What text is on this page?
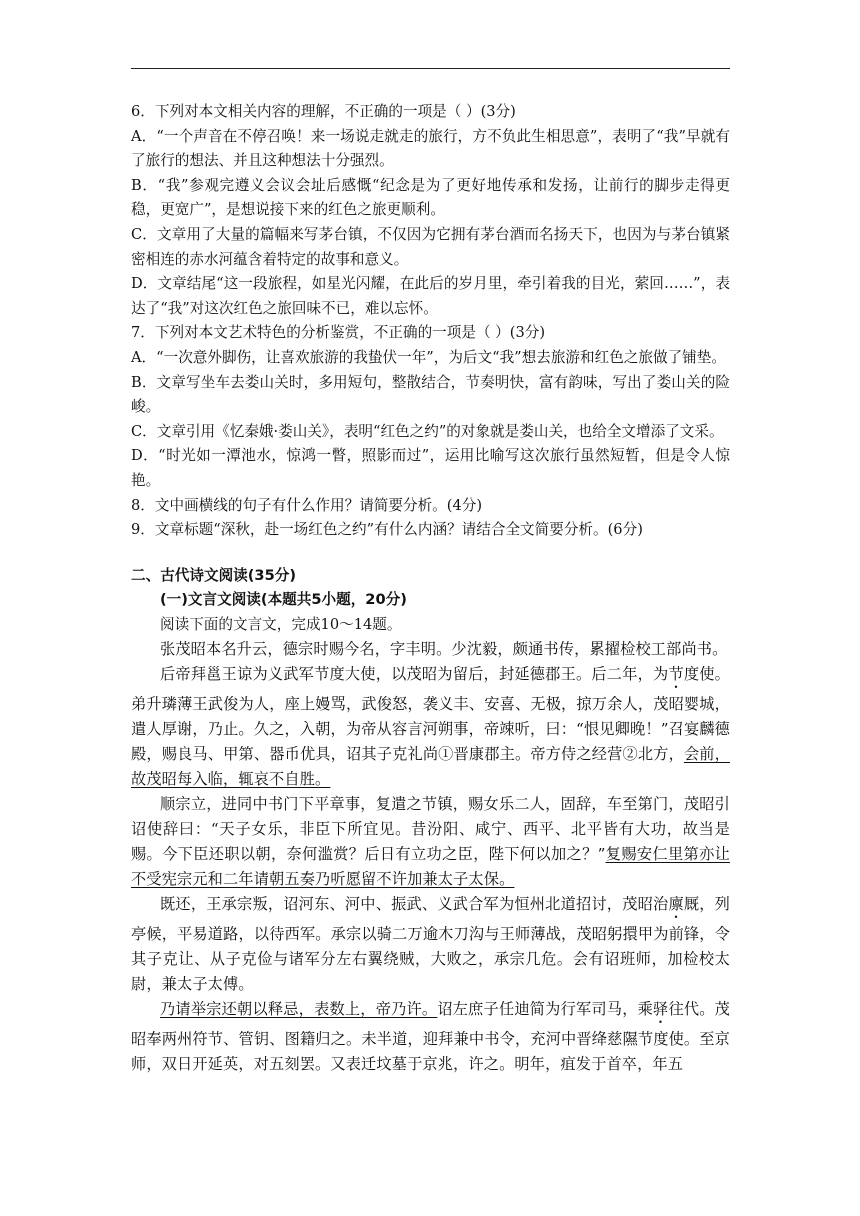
6．下列对本文相关内容的理解，不正确的一项是（ ）(3分)

A．“一个声音在不停召唤！来一场说走就走的旅行，方不负此生相思意”，表明了“我”早就有了旅行的想法、并且这种想法十分强烈。

B．“我”参观完遵义会议会址后感慨“纪念是为了更好地传承和发扬，让前行的脚步走得更稳，更宽广”，是想说接下来的红色之旅更顺利。

C．文章用了大量的篇幅来写茅台镇，不仅因为它拥有茅台酒而名扬天下，也因为与茅台镇紧密相连的赤水河蕴含着特定的故事和意义。

D．文章结尾“这一段旅程，如星光闪耀，在此后的岁月里，牵引着我的目光，萦回……”，表达了“我”对这次红色之旅回味不已，难以忘怀。

7．下列对本文艺术特色的分析鉴赏，不正确的一项是（ ）(3分)

A．“一次意外脚伤，让喜欢旅游的我蛰伏一年”，为后文“我”想去旅游和红色之旅做了铺垫。

B．文章写坐车去娄山关时，多用短句，整散结合，节奏明快，富有韵味，写出了娄山关的险峻。

C．文章引用《忆秦娥·娄山关》，表明“红色之约”的对象就是娄山关，也给全文增添了文采。

D．“时光如一潭池水，惊鸿一瞥，照影而过”，运用比喻写这次旅行虽然短暂，但是令人惊艳。

8．文中画横线的句子有什么作用？请简要分析。(4分)

9．文章标题“深秋，赴一场红色之约”有什么内涵？请结合全文简要分析。(6分)

二、古代诗文阅读(35分)

(一)文言文阅读(本题共5小题，20分)

阅读下面的文言文，完成10～14题。

张茂昭本名升云，德宗时赐今名，字丰明。少沈毅，颇通书传，累擢检校工部尚书。

后帝拜邕王谅为义武军节度大使，以茂昭为留后，封延德郡王。后二年，为节度使。弟升璘薄王武俊为人，座上嫚骂，武俊怒，袭义丰、安喜、无极，掠万余人，茂昭婴城，遣人厚谢，乃止。久之，入朝，为帝从容言河朔事，帝竦听，曰：“恨见卿晚！”召宴麟德殿，赐良马、甲第、器币优具，诏其子克礼尚①晋康郡主。帝方侍之经营②北方，会前，故茂昭每入临，辄哀不自胜。

顺宗立，进同中书门下平章事，复遣之节镇，赐女乐二人，固辞，车至第门，茂昭引诏使辞曰：“天子女乐，非臣下所宜见。昔汾阳、咸宁、西平、北平皆有大功，故当是赐。今下臣还职以朝，奈何滥赏？后日有立功之臣，陛下何以加之？”复赐安仁里第亦让不受宪宗元和二年请朝五奏乃听愿留不许加兼太子太保。

既还，王承宗叛，诏河东、河中、振武、义武合军为恒州北道招讨，茂昭治廪厩，列亭候，平易道路，以待西军。承宗以骑二万逾木刀沟与王师薄战，茂昭躬擐甲为前锋，令其子克让、从子克俭与诸军分左右翼绕贼，大败之，承宗几危。会有诏班师，加检校太尉，兼太子太傅。

乃请举宗还朝以释忌，表数上，帝乃许。诏左庶子任迪简为行军司马，乘驿往代。茂昭奉两州符节、管钥、图籍归之。未半道，迎拜兼中书令，充河中晋绛慈隰节度使。至京师，双日开延英，对五刻罢。又表迁坟墓于京兆，许之。明年，疽发于首卒，年五
